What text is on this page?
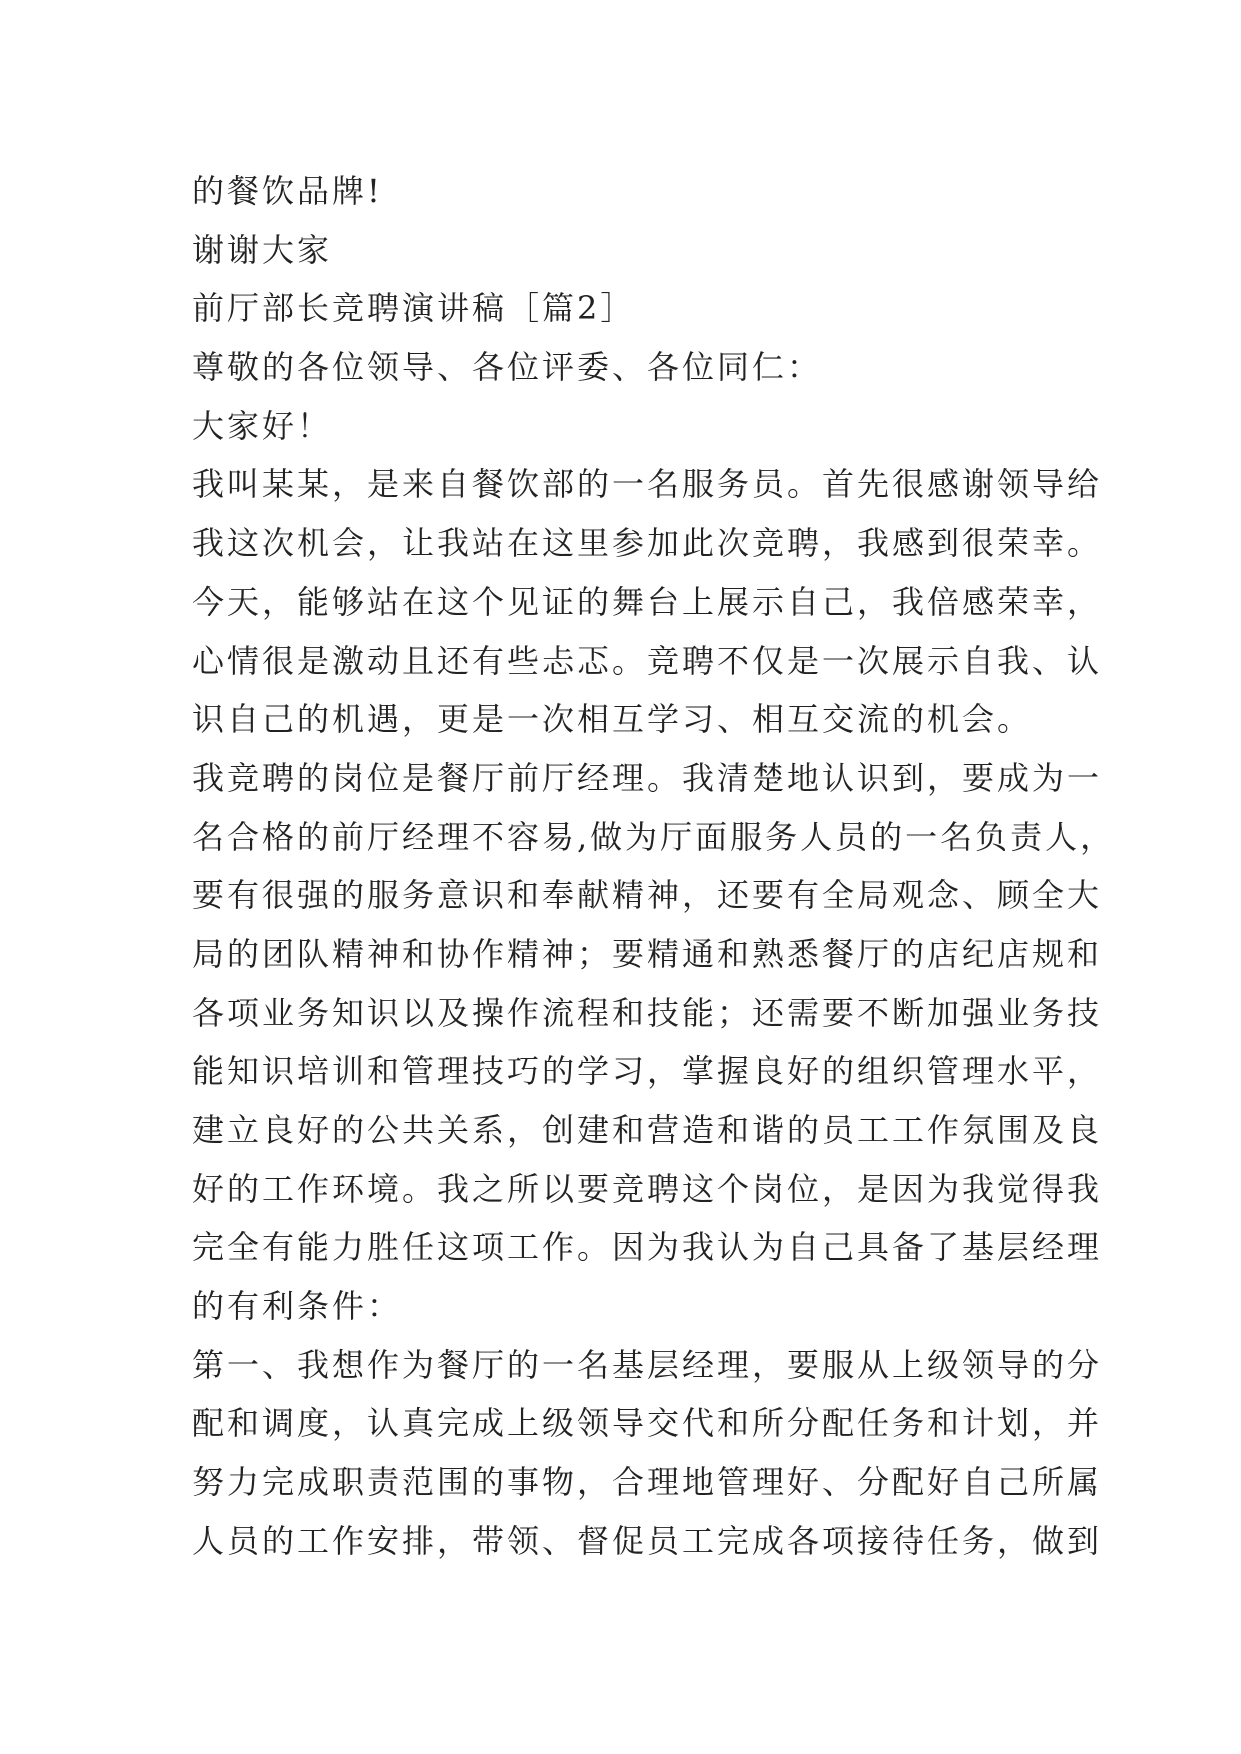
的餐饮品牌!
谢谢大家
前厅部长竞聘演讲稿［篇2］
尊敬的各位领导、各位评委、各位同仁：
大家好！
我叫某某，是来自餐饮部的一名服务员。首先很感谢领导给
我这次机会，让我站在这里参加此次竞聘，我感到很荣幸。
今天，能够站在这个见证的舞台上展示自己，我倍感荣幸，
心情很是激动且还有些忐忑。竞聘不仅是一次展示自我、认
识自己的机遇，更是一次相互学习、相互交流的机会。
我竞聘的岗位是餐厅前厅经理。我清楚地认识到，要成为一
名合格的前厅经理不容易,做为厅面服务人员的一名负责人，
要有很强的服务意识和奉献精神，还要有全局观念、顾全大
局的团队精神和协作精神；要精通和熟悉餐厅的店纪店规和
各项业务知识以及操作流程和技能；还需要不断加强业务技
能知识培训和管理技巧的学习，掌握良好的组织管理水平，
建立良好的公共关系，创建和营造和谐的员工工作氛围及良
好的工作环境。我之所以要竞聘这个岗位，是因为我觉得我
完全有能力胜任这项工作。因为我认为自己具备了基层经理
的有利条件：
第一、我想作为餐厅的一名基层经理，要服从上级领导的分
配和调度，认真完成上级领导交代和所分配任务和计划，并
努力完成职责范围的事物，合理地管理好、分配好自己所属
人员的工作安排，带领、督促员工完成各项接待任务，做到
